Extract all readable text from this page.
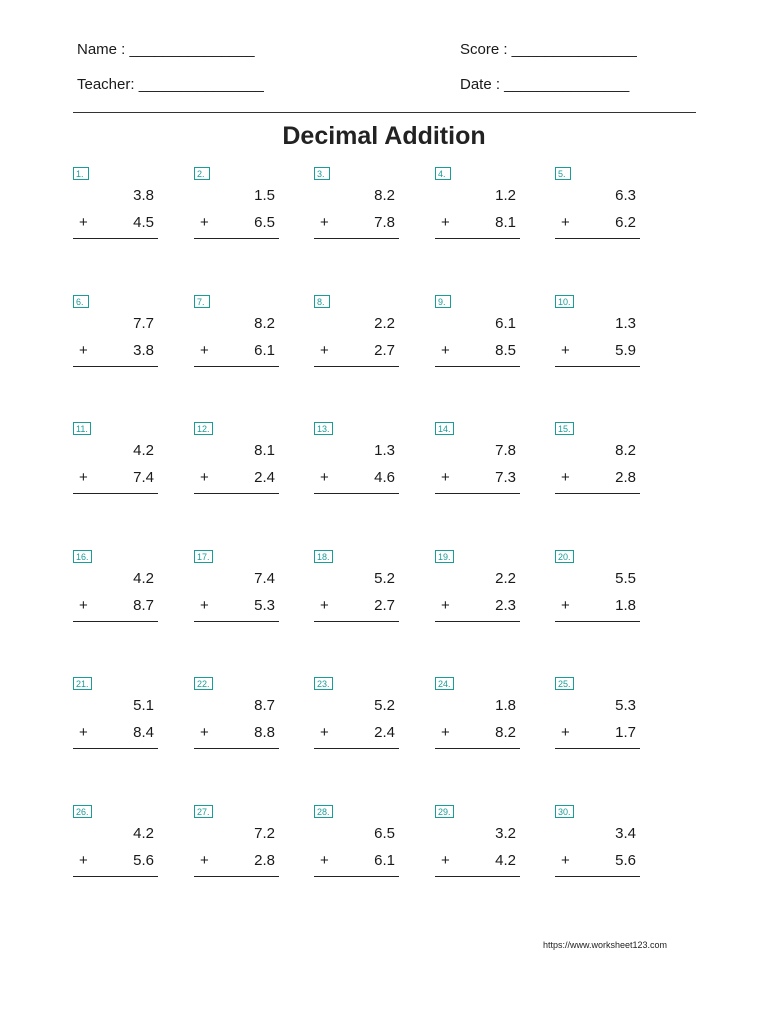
Name : _______________
Teacher: _______________
Score : _______________
Date : _______________
Decimal Addition
1.
3.8
+	4.5
2.
1.5
+	6.5
3.
8.2
+	7.8
4.
1.2
+	8.1
5.
6.3
+	6.2
6.
7.7
+	3.8
7.
8.2
+	6.1
8.
2.2
+	2.7
9.
6.1
+	8.5
10.
1.3
+	5.9
11.
4.2
+	7.4
12.
8.1
+	2.4
13.
1.3
+	4.6
14.
7.8
+	7.3
15.
8.2
+	2.8
16.
4.2
+	8.7
17.
7.4
+	5.3
18.
5.2
+	2.7
19.
2.2
+	2.3
20.
5.5
+	1.8
21.
5.1
+	8.4
22.
8.7
+	8.8
23.
5.2
+	2.4
24.
1.8
+	8.2
25.
5.3
+	1.7
26.
4.2
+	5.6
27.
7.2
+	2.8
28.
6.5
+	6.1
29.
3.2
+	4.2
30.
3.4
+	5.6
https://www.worksheet123.com
